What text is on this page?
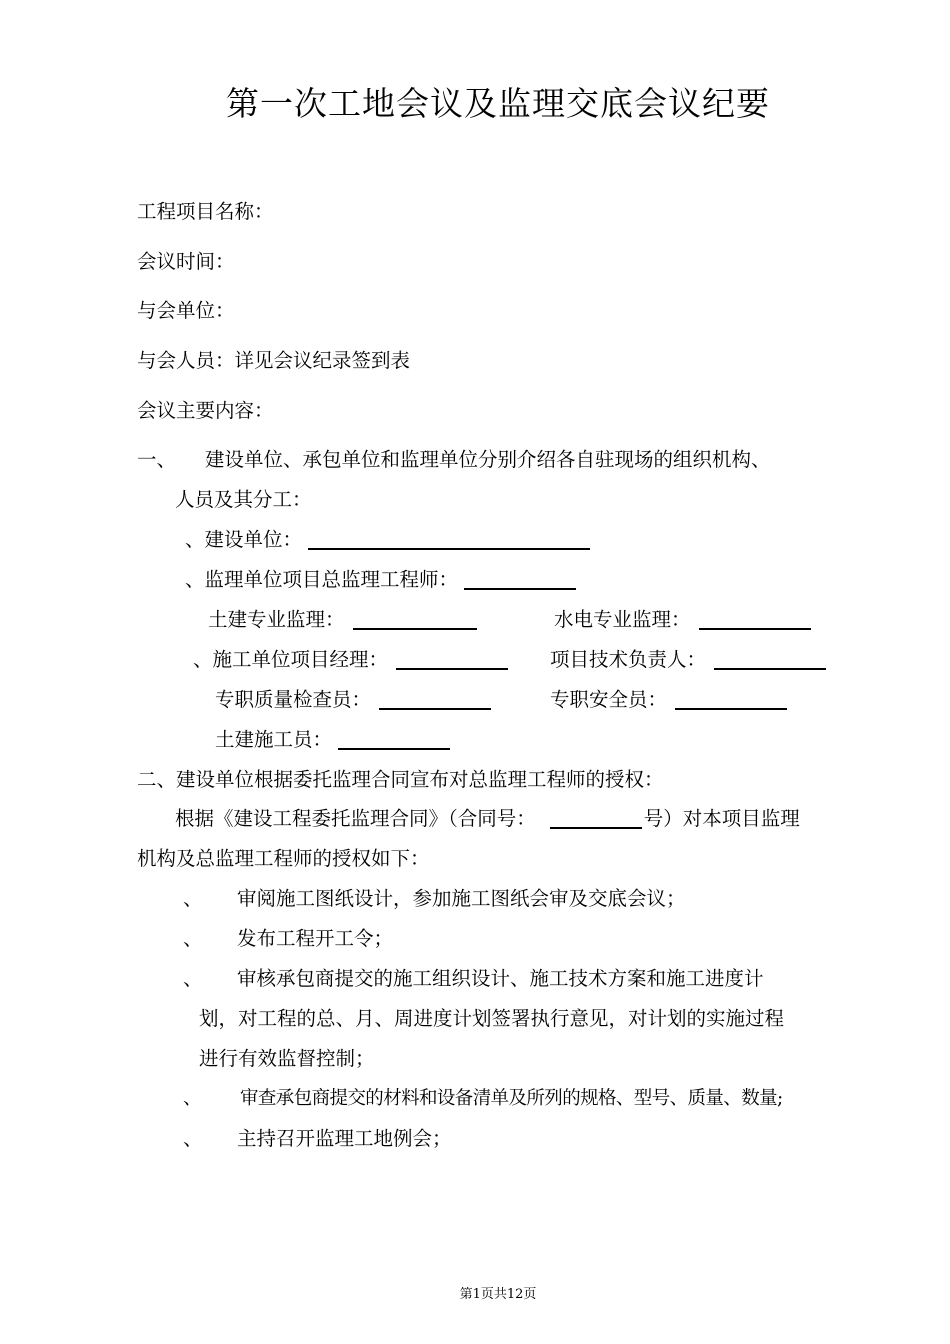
第一次工地会议及监理交底会议纪要
工程项目名称：
会议时间：
与会单位：
与会人员：详见会议纪录签到表
会议主要内容：
一、 建设单位、承包单位和监理单位分别介绍各自驻现场的组织机构、
人员及其分工：
、建设单位：
、监理单位项目总监理工程师：
土建专业监理：	水电专业监理：
、施工单位项目经理：	项目技术负责人：
专职质量检查员：	专职安全员：
土建施工员：
二、建设单位根据委托监理合同宣布对总监理工程师的授权：
根据《建设工程委托监理合同》（合同号：	号）对本项目监理
机构及总监理工程师的授权如下：
、 审阅施工图纸设计，参加施工图纸会审及交底会议；
、 发布工程开工令；
、 审核承包商提交的施工组织设计、施工技术方案和施工进度计
划，对工程的总、月、周进度计划签署执行意见，对计划的实施过程
进行有效监督控制；
、 审查承包商提交的材料和设备清单及所列的规格、型号、质量、数量;
、 主持召开监理工地例会；
第1页共12页
